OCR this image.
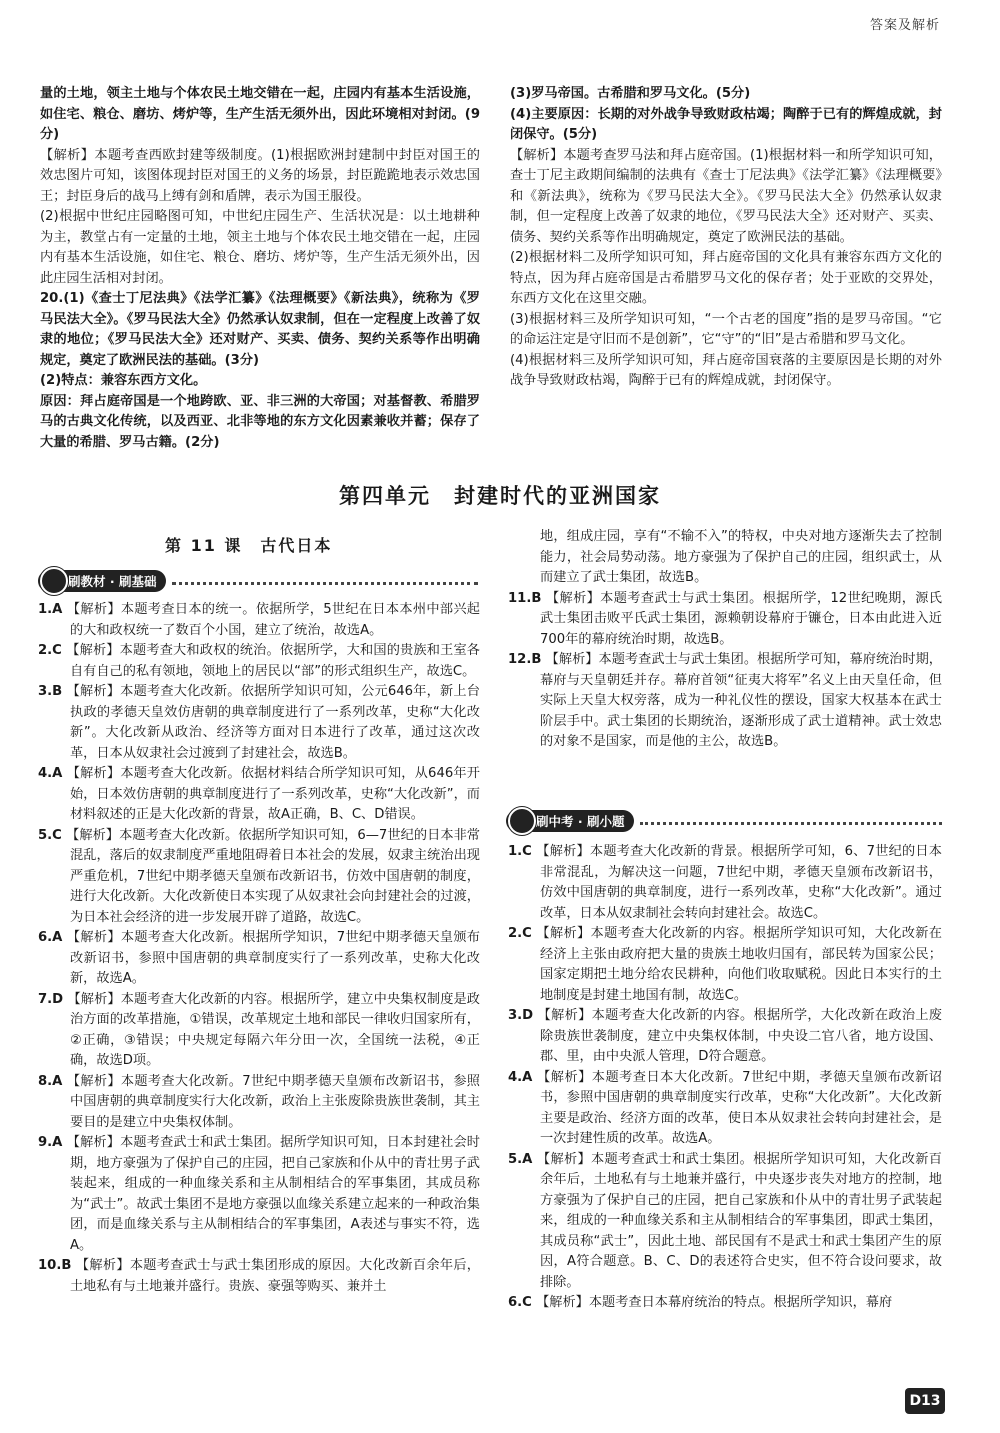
答案及解析

量的土地，领主土地与个体农民土地交错在一起，庄园内有基本生活设施，如住宅、粮仓、磨坊、烤炉等，生产生活无须外出，因此环境相对封闭。(9分)

【解析】本题考查西欧封建等级制度。(1)根据欧洲封建制中封臣对国王的效忠图片可知，该图体现封臣对国王的义务的场景，封臣跪跪地表示效忠国王；封臣身后的战马上缚有剑和盾牌，表示为国王服役。

(2)根据中世纪庄园略图可知，中世纪庄园生产、生活状况是：以土地耕种为主，教堂占有一定量的土地，领主土地与个体农民土地交错在一起，庄园内有基本生活设施，如住宅、粮仓、磨坊、烤炉等，生产生活无须外出，因此庄园生活相对封闭。

20.(1)《查士丁尼法典》《法学汇纂》《法理概要》《新法典》，统称为《罗马民法大全》。《罗马民法大全》仍然承认奴隶制，但在一定程度上改善了奴隶的地位；《罗马民法大全》还对财产、买卖、债务、契约关系等作出明确规定，奠定了欧洲民法的基础。(3分)

(2)特点：兼容东西方文化。

原因：拜占庭帝国是一个地跨欧、亚、非三洲的大帝国；对基督教、希腊罗马的古典文化传统，以及西亚、北非等地的东方文化因素兼收并蓄；保存了大量的希腊、罗马古籍。(2分)

(3)罗马帝国。古希腊和罗马文化。(5分)

(4)主要原因：长期的对外战争导致财政枯竭；陶醉于已有的辉煌成就，封闭保守。(5分)

【解析】本题考查罗马法和拜占庭帝国。(1)根据材料一和所学知识可知，查士丁尼主政期间编制的法典有《查士丁尼法典》《法学汇纂》《法理概要》和《新法典》，统称为《罗马民法大全》。《罗马民法大全》仍然承认奴隶制，但一定程度上改善了奴隶的地位，《罗马民法大全》还对财产、买卖、债务、契约关系等作出明确规定，奠定了欧洲民法的基础。

(2)根据材料二及所学知识可知，拜占庭帝国的文化具有兼容东西方文化的特点，因为拜占庭帝国是古希腊罗马文化的保存者；处于亚欧的交界处，东西方文化在这里交融。

(3)根据材料三及所学知识可知，“一个古老的国度”指的是罗马帝国。“它的命运注定是守旧而不是创新”，它“守”的“旧”是古希腊和罗马文化。

(4)根据材料三及所学知识可知，拜占庭帝国衰落的主要原因是长期的对外战争导致财政枯竭，陶醉于已有的辉煌成就，封闭保守。

第四单元　封建时代的亚洲国家
第 11 课　古代日本
刷教材 · 刷基础

1.A 【解析】本题考查日本的统一。依据所学，5世纪在日本本州中部兴起的大和政权统一了数百个小国，建立了统治，故选A。

2.C 【解析】本题考查大和政权的统治。依据所学，大和国的贵族和王室各自有自己的私有领地，领地上的居民以“部”的形式组织生产，故选C。

3.B 【解析】本题考查大化改新。依据所学知识可知，公元646年，新上台执政的孝德天皇效仿唐朝的典章制度进行了一系列改革，史称“大化改新”。大化改新从政治、经济等方面对日本进行了改革，通过这次改革，日本从奴隶社会过渡到了封建社会，故选B。

4.A 【解析】本题考查大化改新。依据材料结合所学知识可知，从646年开始，日本效仿唐朝的典章制度进行了一系列改革，史称“大化改新”，而材料叙述的正是大化改新的背景，故A正确，B、C、D错误。

5.C 【解析】本题考查大化改新。依据所学知识可知，6—7世纪的日本非常混乱，落后的奴隶制度严重地阻碍着日本社会的发展，奴隶主统治出现严重危机，7世纪中期孝德天皇颁布改新诏书，仿效中国唐朝的制度，进行大化改新。大化改新使日本实现了从奴隶社会向封建社会的过渡，为日本社会经济的进一步发展开辟了道路，故选C。

6.A 【解析】本题考查大化改新。根据所学知识，7世纪中期孝德天皇颁布改新诏书，参照中国唐朝的典章制度实行了一系列改革，史称大化改新，故选A。

7.D 【解析】本题考查大化改新的内容。根据所学，建立中央集权制度是政治方面的改革措施，①错误，改革规定土地和部民一律收归国家所有，②正确，③错误；中央规定每隔六年分田一次，全国统一法税，④正确，故选D项。

8.A 【解析】本题考查大化改新。7世纪中期孝德天皇颁布改新诏书，参照中国唐朝的典章制度实行大化改新，政治上主张废除贵族世袭制，其主要目的是建立中央集权体制。

9.A 【解析】本题考查武士和武士集团。据所学知识可知，日本封建社会时期，地方豪强为了保护自己的庄园，把自己家族和仆从中的青壮男子武装起来，组成的一种血缘关系和主从制相结合的军事集团，其成员称为“武士”。故武士集团不是地方豪强以血缘关系建立起来的一种政治集团，而是血缘关系与主从制相结合的军事集团，A表述与事实不符，选A。

10.B 【解析】本题考查武士与武士集团形成的原因。大化改新百余年后，土地私有与土地兼并盛行。贵族、豪强等购买、兼并土

地，组成庄园，享有“不输不入”的特权，中央对地方逐渐失去了控制能力，社会局势动荡。地方豪强为了保护自己的庄园，组织武士，从而建立了武士集团，故选B。

11.B 【解析】本题考查武士与武士集团。根据所学，12世纪晚期，源氏武士集团击败平氏武士集团，源赖朝设幕府于镰仓，日本由此进入近700年的幕府统治时期，故选B。

12.B 【解析】本题考查武士与武士集团。根据所学可知，幕府统治时期，幕府与天皇朝廷并存。幕府首领“征夷大将军”名义上由天皇任命，但实际上天皇大权旁落，成为一种礼仪性的摆设，国家大权基本在武士阶层手中。武士集团的长期统治，逐渐形成了武士道精神。武士效忠的对象不是国家，而是他的主公，故选B。

刷中考 · 刷小题

1.C 【解析】本题考查大化改新的背景。根据所学可知，6、7世纪的日本非常混乱，为解决这一问题，7世纪中期，孝德天皇颁布改新诏书，仿效中国唐朝的典章制度，进行一系列改革，史称“大化改新”。通过改革，日本从奴隶制社会转向封建社会。故选C。

2.C 【解析】本题考查大化改新的内容。根据所学知识可知，大化改新在经济上主张由政府把大量的贵族土地收归国有，部民转为国家公民；国家定期把土地分给农民耕种，向他们收取赋税。因此日本实行的土地制度是封建土地国有制，故选C。

3.D 【解析】本题考查大化改新的内容。根据所学，大化改新在政治上废除贵族世袭制度，建立中央集权体制，中央设二官八省，地方设国、郡、里，由中央派人管理，D符合题意。

4.A 【解析】本题考查日本大化改新。7世纪中期，孝德天皇颁布改新诏书，参照中国唐朝的典章制度实行改革，史称“大化改新”。大化改新主要是政治、经济方面的改革，使日本从奴隶社会转向封建社会，是一次封建性质的改革。故选A。

5.A 【解析】本题考查武士和武士集团。根据所学知识可知，大化改新百余年后，土地私有与土地兼并盛行，中央逐步丧失对地方的控制，地方豪强为了保护自己的庄园，把自己家族和仆从中的青壮男子武装起来，组成的一种血缘关系和主从制相结合的军事集团，即武士集团，其成员称“武士”，因此土地、部民国有不是武士和武士集团产生的原因，A符合题意。B、C、D的表述符合史实，但不符合设问要求，故排除。

6.C 【解析】本题考查日本幕府统治的特点。根据所学知识，幕府

D13
